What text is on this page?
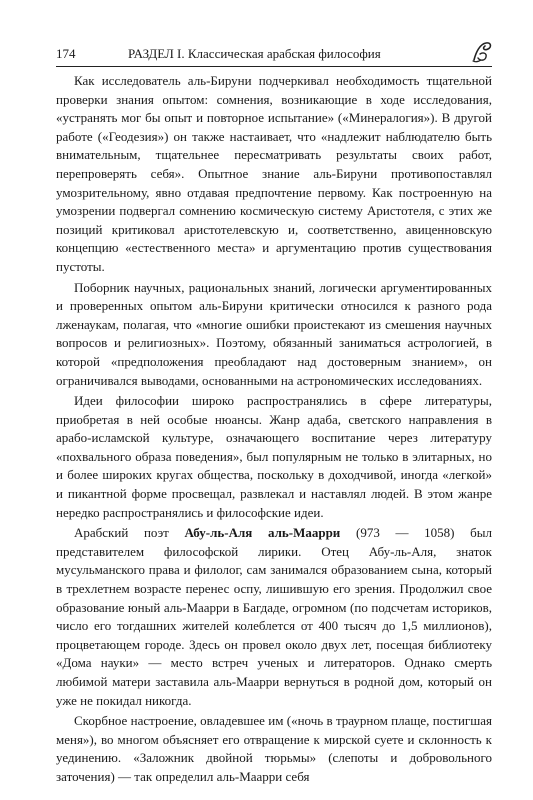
174	РАЗДЕЛ I. Классическая арабская философия

Как исследователь аль-Бируни подчеркивал необходимость тщательной проверки знания опытом: сомнения, возникающие в ходе исследования, «устранять мог бы опыт и повторное испытание» («Минералогия»). В другой работе («Геодезия») он также настаивает, что «надлежит наблюдателю быть внимательным, тщательнее пересматривать результаты своих работ, перепроверять себя». Опытное знание аль-Бируни противопоставлял умозрительному, явно отдавая предпочтение первому. Как построенную на умозрении подвергал сомнению космическую систему Аристотеля, с этих же позиций критиковал аристотелевскую и, соответственно, авиценновскую концепцию «естественного места» и аргументацию против существования пустоты.

Поборник научных, рациональных знаний, логически аргументированных и проверенных опытом аль-Бируни критически относился к разного рода лженаукам, полагая, что «многие ошибки проистекают из смешения научных вопросов и религиозных». Поэтому, обязанный заниматься астрологией, в которой «предположения преобладают над достоверным знанием», он ограничивался выводами, основанными на астрономических исследованиях.

Идеи философии широко распространялись в сфере литературы, приобретая в ней особые нюансы. Жанр адаба, светского направления в арабо-исламской культуре, означающего воспитание через литературу «похвального образа поведения», был популярным не только в элитарных, но и более широких кругах общества, поскольку в доходчивой, иногда «легкой» и пикантной форме просвещал, развлекал и наставлял людей. В этом жанре нередко распространялись и философские идеи.

Арабский поэт Абу-ль-Аля аль-Маарри (973 — 1058) был представителем философской лирики. Отец Абу-ль-Аля, знаток мусульманского права и филолог, сам занимался образованием сына, который в трехлетнем возрасте перенес оспу, лишившую его зрения. Продолжил свое образование юный аль-Маарри в Багдаде, огромном (по подсчетам историков, число его тогдашних жителей колеблется от 400 тысяч до 1,5 миллионов), процветающем городе. Здесь он провел около двух лет, посещая библиотеку «Дома науки» — место встреч ученых и литераторов. Однако смерть любимой матери заставила аль-Маарри вернуться в родной дом, который он уже не покидал никогда.

Скорбное настроение, овладевшее им («ночь в траурном плаще, постигшая меня»), во многом объясняет его отвращение к мирской суете и склонность к уединению. «Заложник двойной тюрьмы» (слепоты и добровольного заточения) — так определил аль-Маарри себя
